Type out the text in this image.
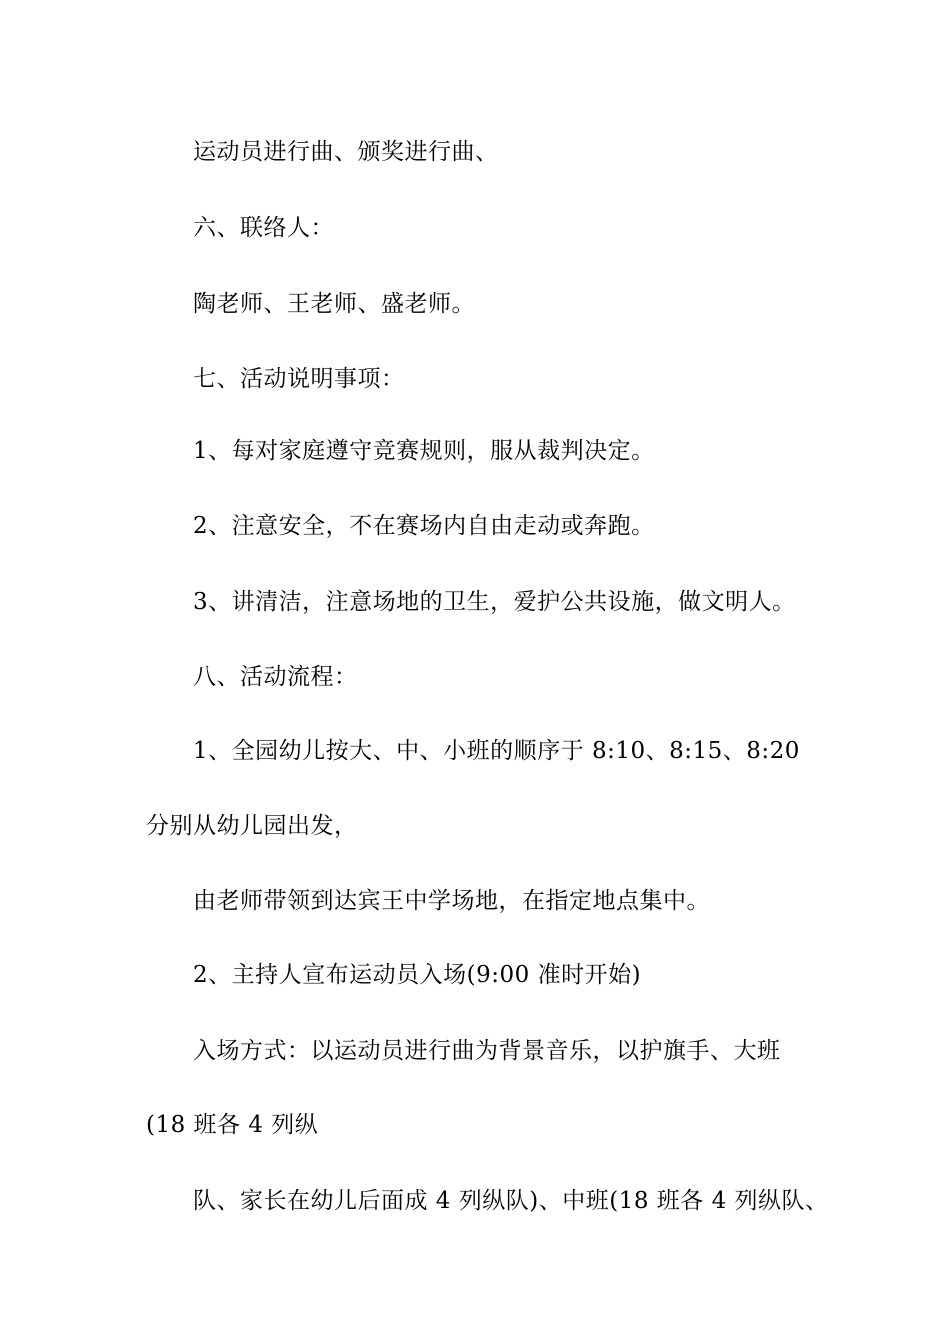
运动员进行曲、颁奖进行曲、
六、联络人：
陶老师、王老师、盛老师。
七、活动说明事项：
1、每对家庭遵守竞赛规则，服从裁判决定。
2、注意安全，不在赛场内自由走动或奔跑。
3、讲清洁，注意场地的卫生，爱护公共设施，做文明人。
八、活动流程：
1、全园幼儿按大、中、小班的顺序于 8:10、8:15、8:20
分别从幼儿园出发，
由老师带领到达宾王中学场地，在指定地点集中。
2、主持人宣布运动员入场(9:00 准时开始)
入场方式：以运动员进行曲为背景音乐，以护旗手、大班
(18 班各 4 列纵
队、家长在幼儿后面成 4 列纵队)、中班(18 班各 4 列纵队、
